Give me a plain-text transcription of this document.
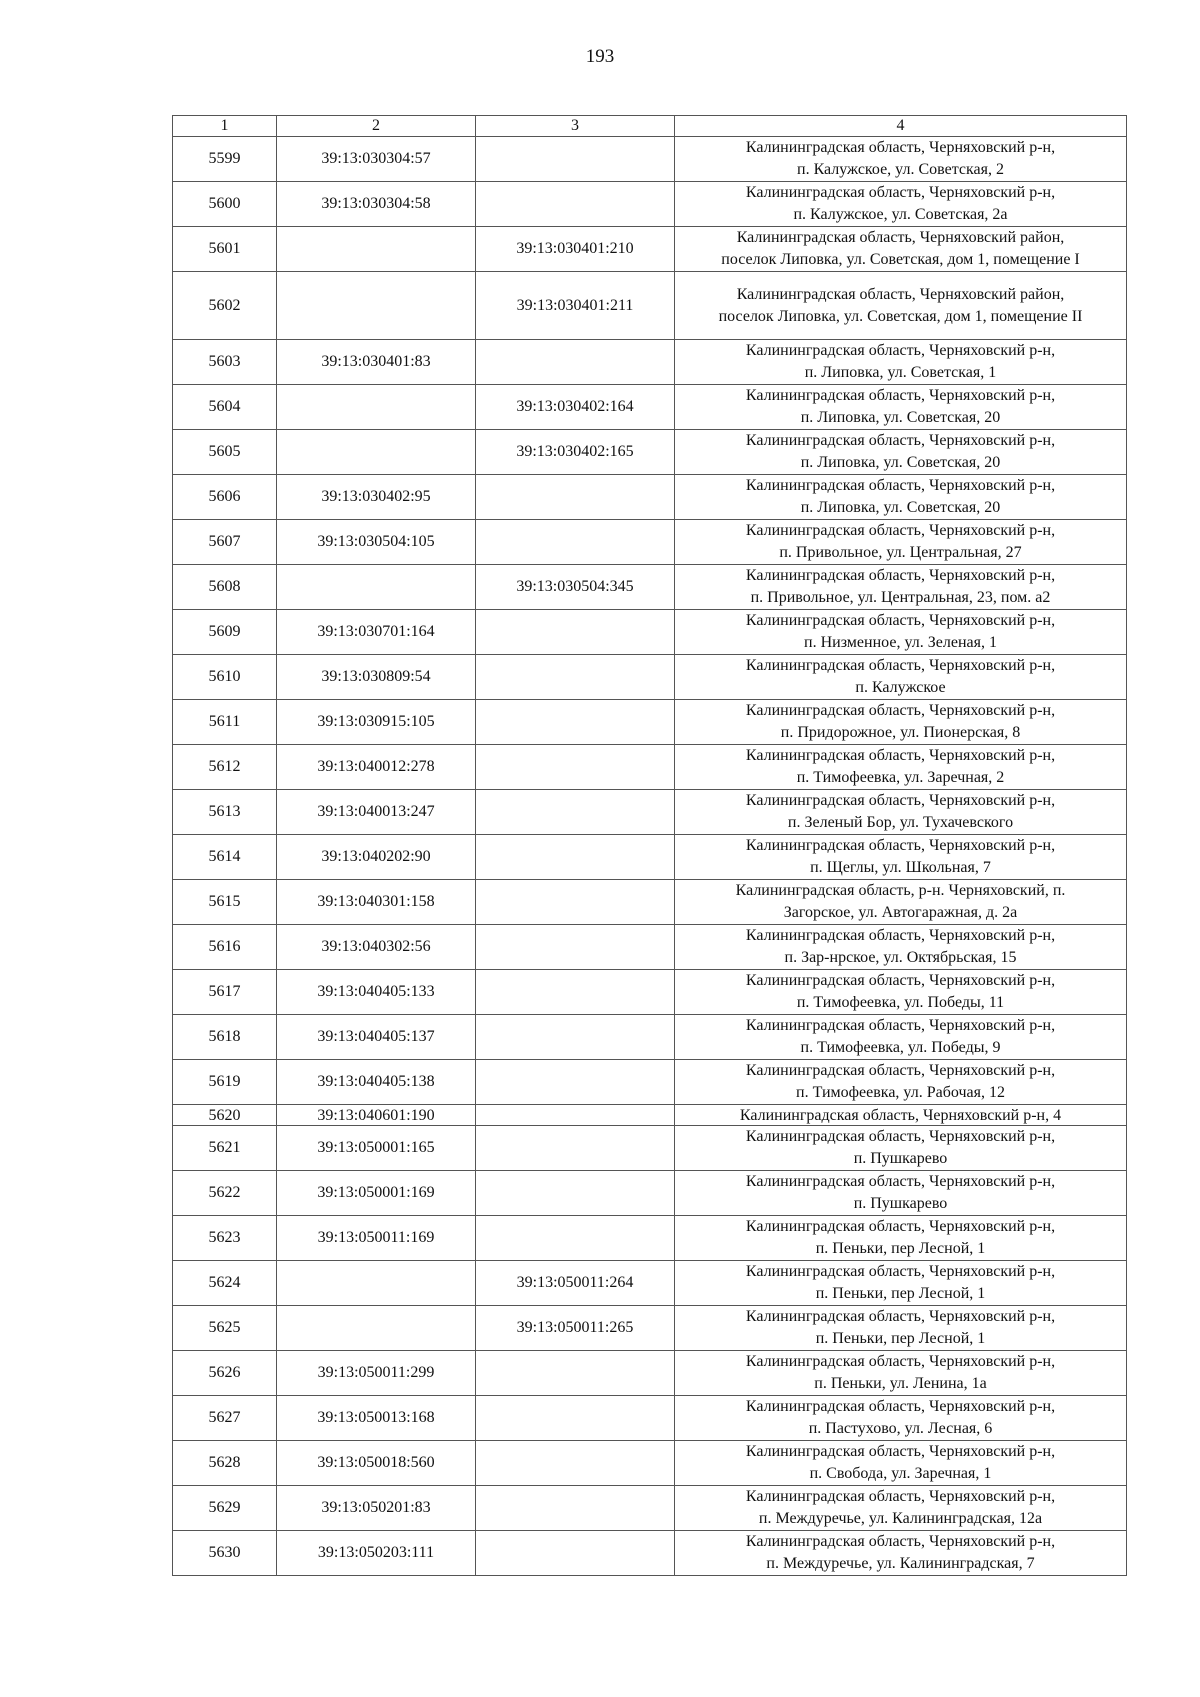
193
1	2	3	4
5599	39:13:030304:57		Калининградская область, Черняховский р-н,
п. Калужское, ул. Советская, 2

5600	39:13:030304:58		Калининградская область, Черняховский р-н,
п. Калужское, ул. Советская, 2а

5601		39:13:030401:210	Калининградская область, Черняховский район,
поселок Липовка, ул. Советская, дом 1, помещение I

5602		39:13:030401:211	Калининградская область, Черняховский район,
поселок Липовка, ул. Советская, дом 1, помещение II

5603	39:13:030401:83		Калининградская область, Черняховский р-н,
п. Липовка, ул. Советская, 1

5604		39:13:030402:164	Калининградская область, Черняховский р-н,
п. Липовка, ул. Советская, 20

5605		39:13:030402:165	Калининградская область, Черняховский р-н,
п. Липовка, ул. Советская, 20

5606	39:13:030402:95		Калининградская область, Черняховский р-н,
п. Липовка, ул. Советская, 20

5607	39:13:030504:105		Калининградская область, Черняховский р-н,
п. Привольное, ул. Центральная, 27

5608		39:13:030504:345	Калининградская область, Черняховский р-н,
п. Привольное, ул. Центральная, 23, пом. а2

5609	39:13:030701:164		Калининградская область, Черняховский р-н,
п. Низменное, ул. Зеленая, 1

5610	39:13:030809:54		Калининградская область, Черняховский р-н,
п. Калужское

5611	39:13:030915:105		Калининградская область, Черняховский р-н,
п. Придорожное, ул. Пионерская, 8

5612	39:13:040012:278		Калининградская область, Черняховский р-н,
п. Тимофеевка, ул. Заречная, 2

5613	39:13:040013:247		Калининградская область, Черняховский р-н,
п. Зеленый Бор, ул. Тухачевского

5614	39:13:040202:90		Калининградская область, Черняховский р-н,
п. Щеглы, ул. Школьная, 7

5615	39:13:040301:158		Калининградская область, р-н. Черняховский, п.
Загорское, ул. Автогаражная, д. 2а

5616	39:13:040302:56		Калининградская область, Черняховский р-н,
п. Зар-нрское, ул. Октябрьская, 15

5617	39:13:040405:133		Калининградская область, Черняховский р-н,
п. Тимофеевка, ул. Победы, 11

5618	39:13:040405:137		Калининградская область, Черняховский р-н,
п. Тимофеевка, ул. Победы, 9

5619	39:13:040405:138		Калининградская область, Черняховский р-н,
п. Тимофеевка, ул. Рабочая, 12

5620	39:13:040601:190		Калининградская область, Черняховский р-н, 4

5621	39:13:050001:165		Калининградская область, Черняховский р-н,
п. Пушкарево

5622	39:13:050001:169		Калининградская область, Черняховский р-н,
п. Пушкарево

5623	39:13:050011:169		Калининградская область, Черняховский р-н,
п. Пеньки, пер Лесной, 1

5624		39:13:050011:264	Калининградская область, Черняховский р-н,
п. Пеньки, пер Лесной, 1

5625		39:13:050011:265	Калининградская область, Черняховский р-н,
п. Пеньки, пер Лесной, 1

5626	39:13:050011:299		Калининградская область, Черняховский р-н,
п. Пеньки, ул. Ленина, 1а

5627	39:13:050013:168		Калининградская область, Черняховский р-н,
п. Пастухово, ул. Лесная, 6

5628	39:13:050018:560		Калининградская область, Черняховский р-н,
п. Свобода, ул. Заречная, 1

5629	39:13:050201:83		Калининградская область, Черняховский р-н,
п. Междуречье, ул. Калининградская, 12а

5630	39:13:050203:111		Калининградская область, Черняховский р-н,
п. Междуречье, ул. Калининградская, 7
